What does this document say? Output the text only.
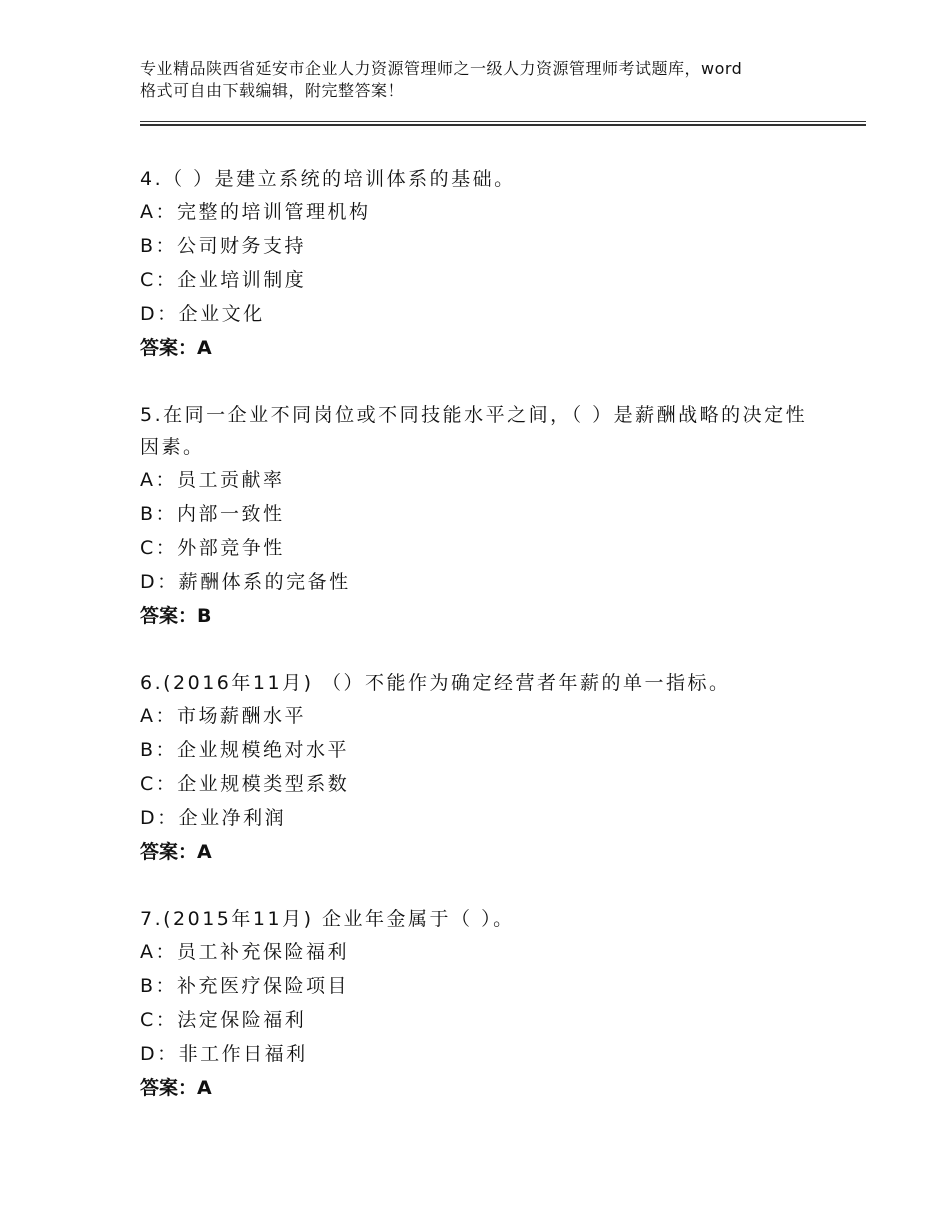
专业精品陕西省延安市企业人力资源管理师之一级人力资源管理师考试题库，word
格式可自由下载编辑，附完整答案！

4.（ ）是建立系统的培训体系的基础。

A：完整的培训管理机构

B：公司财务支持

C：企业培训制度

D：企业文化

答案：A

5.在同一企业不同岗位或不同技能水平之间，（ ）是薪酬战略的决定性因素。

A：员工贡献率

B：内部一致性

C：外部竞争性

D：薪酬体系的完备性

答案：B

6.(2016年11月) （）不能作为确定经营者年薪的单一指标。

A：市场薪酬水平

B：企业规模绝对水平

C：企业规模类型系数

D：企业净利润

答案：A

7.(2015年11月) 企业年金属于（ ）。

A：员工补充保险福利

B：补充医疗保险项目

C：法定保险福利

D：非工作日福利

答案：A
